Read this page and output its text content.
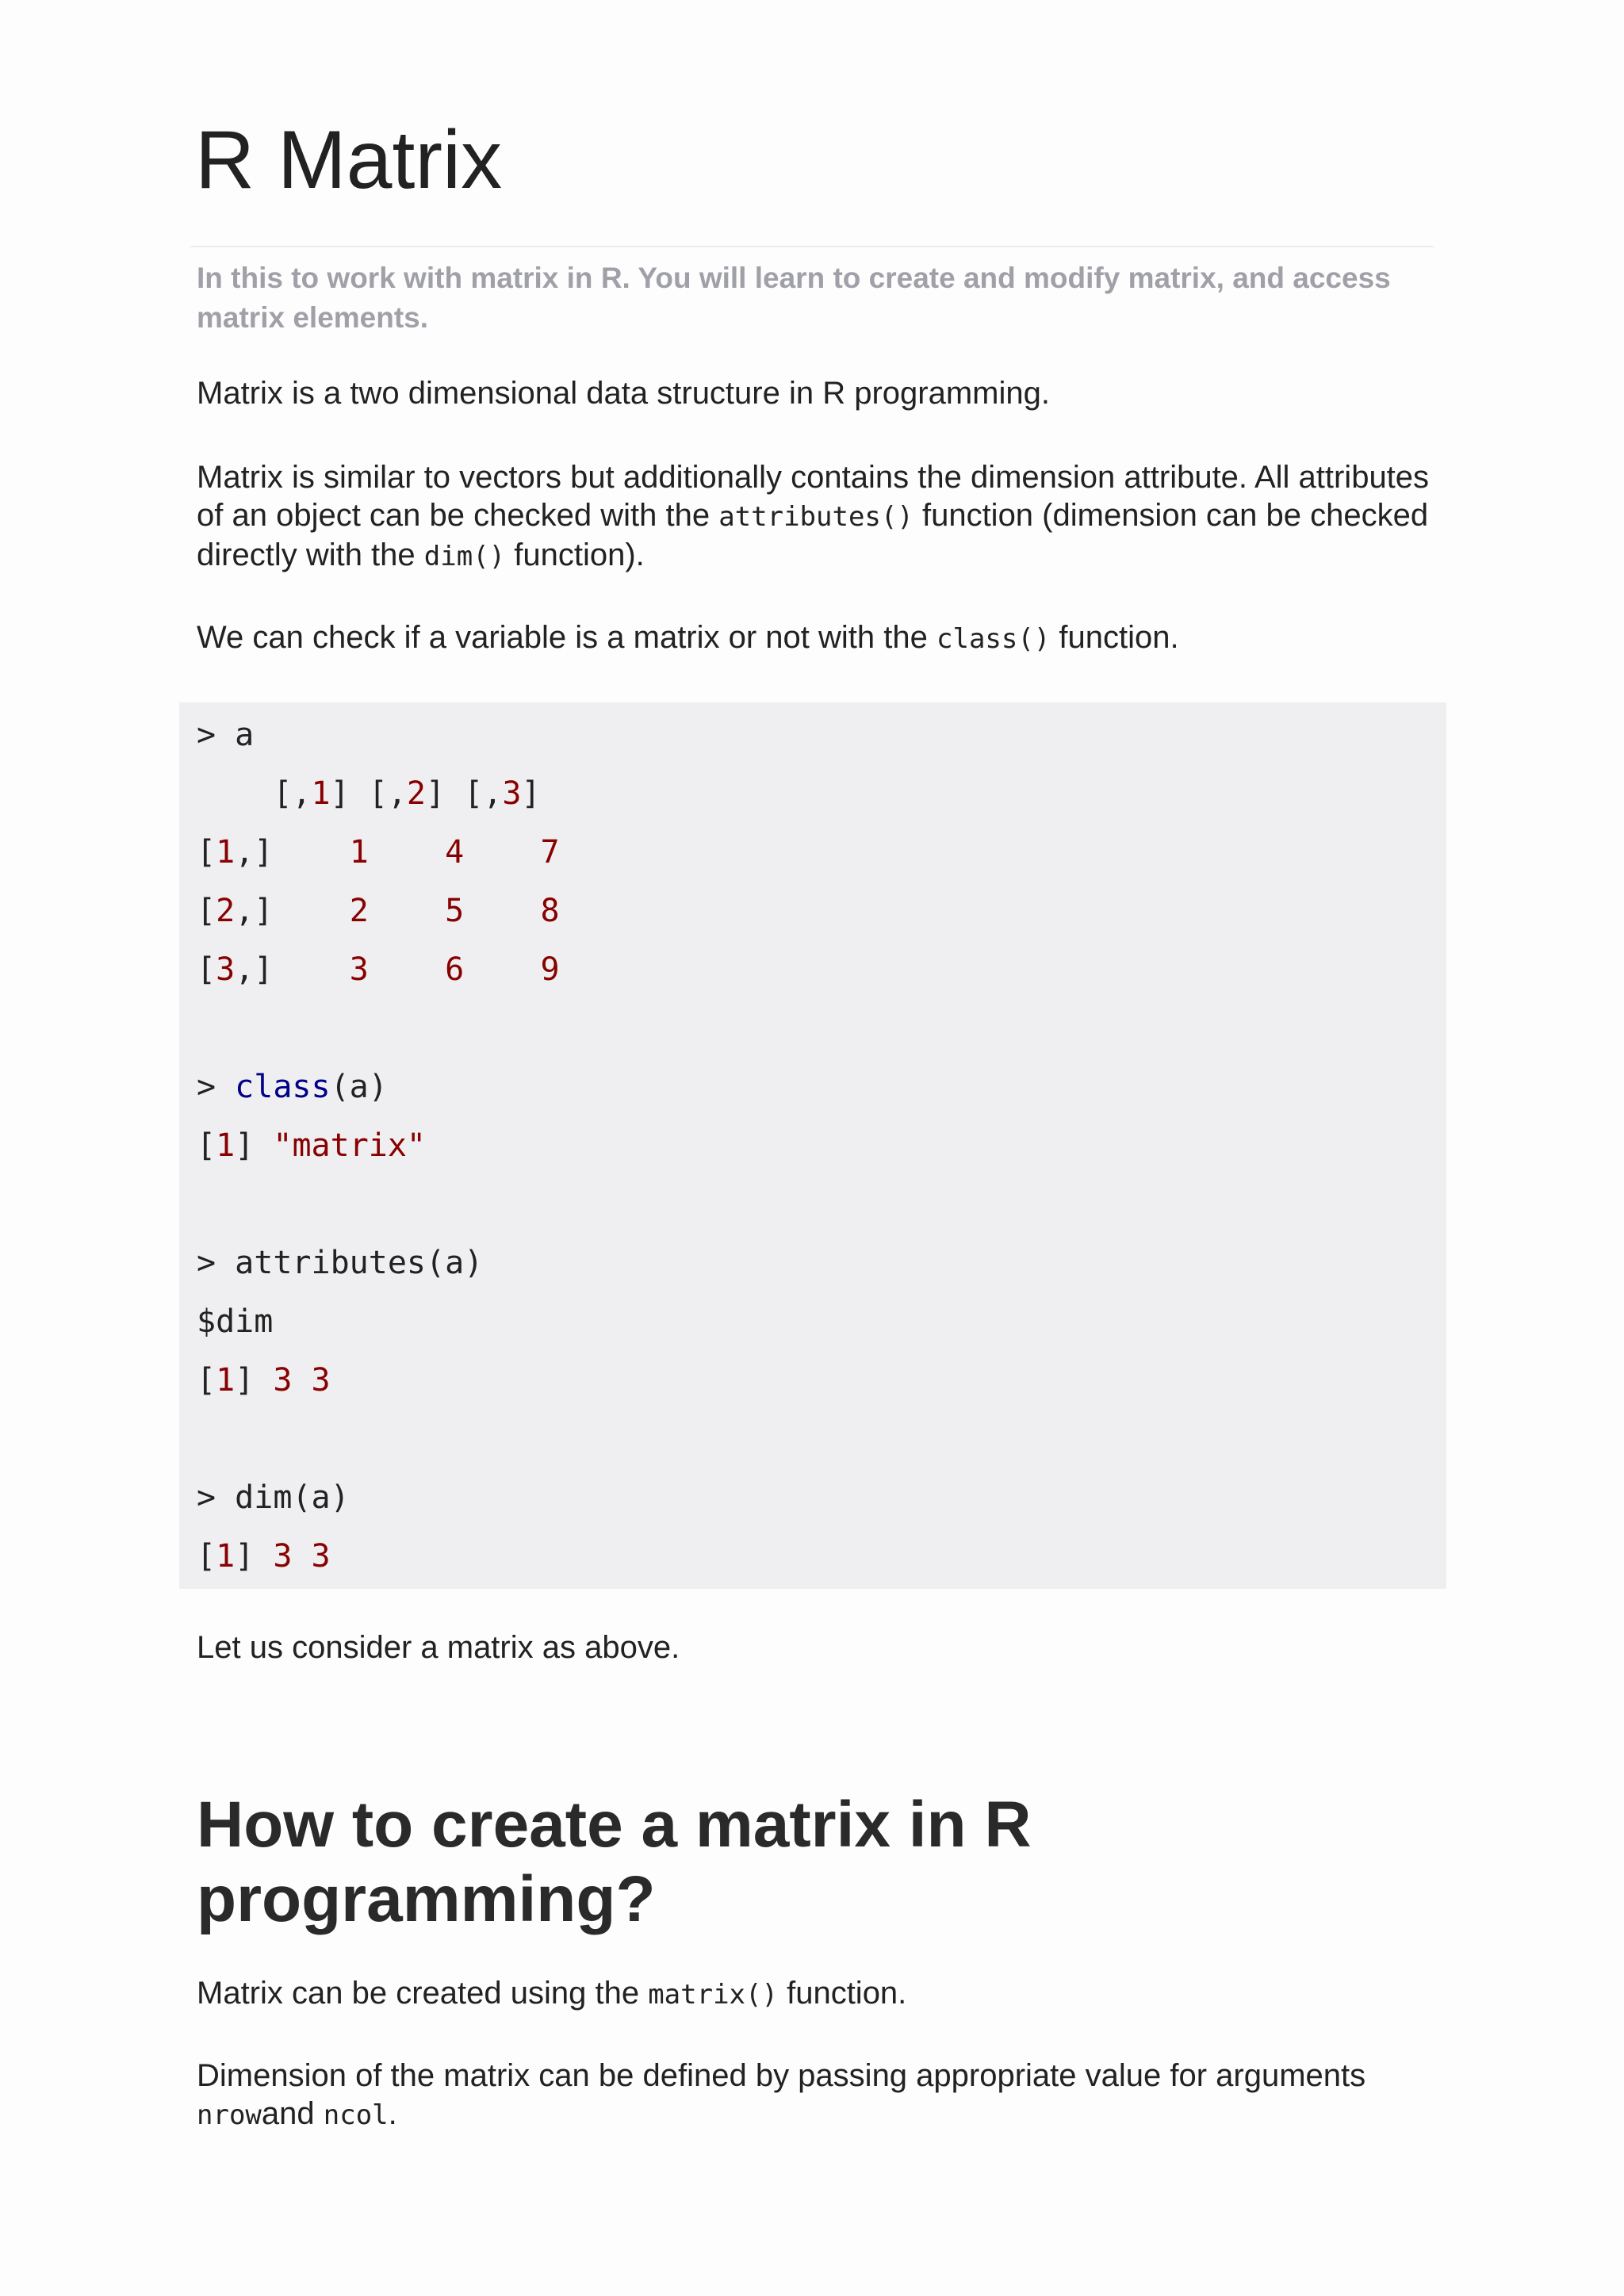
R Matrix

In this to work with matrix in R. You will learn to create and modify matrix, and access matrix elements.

Matrix is a two dimensional data structure in R programming.

Matrix is similar to vectors but additionally contains the dimension attribute. All attributes of an object can be checked with the attributes() function (dimension can be checked directly with the dim() function).

We can check if a variable is a matrix or not with the class() function.

> a
[,1] [,2] [,3]
[1,] 1 4 7
[2,] 2 5 8
[3,] 3 6 9
> class(a)
[1] "matrix"
> attributes(a)
$dim
[1] 3 3
> dim(a)
[1] 3 3

Let us consider a matrix as above.

How to create a matrix in R programming?

Matrix can be created using the matrix() function.

Dimension of the matrix can be defined by passing appropriate value for arguments nrowand ncol.
